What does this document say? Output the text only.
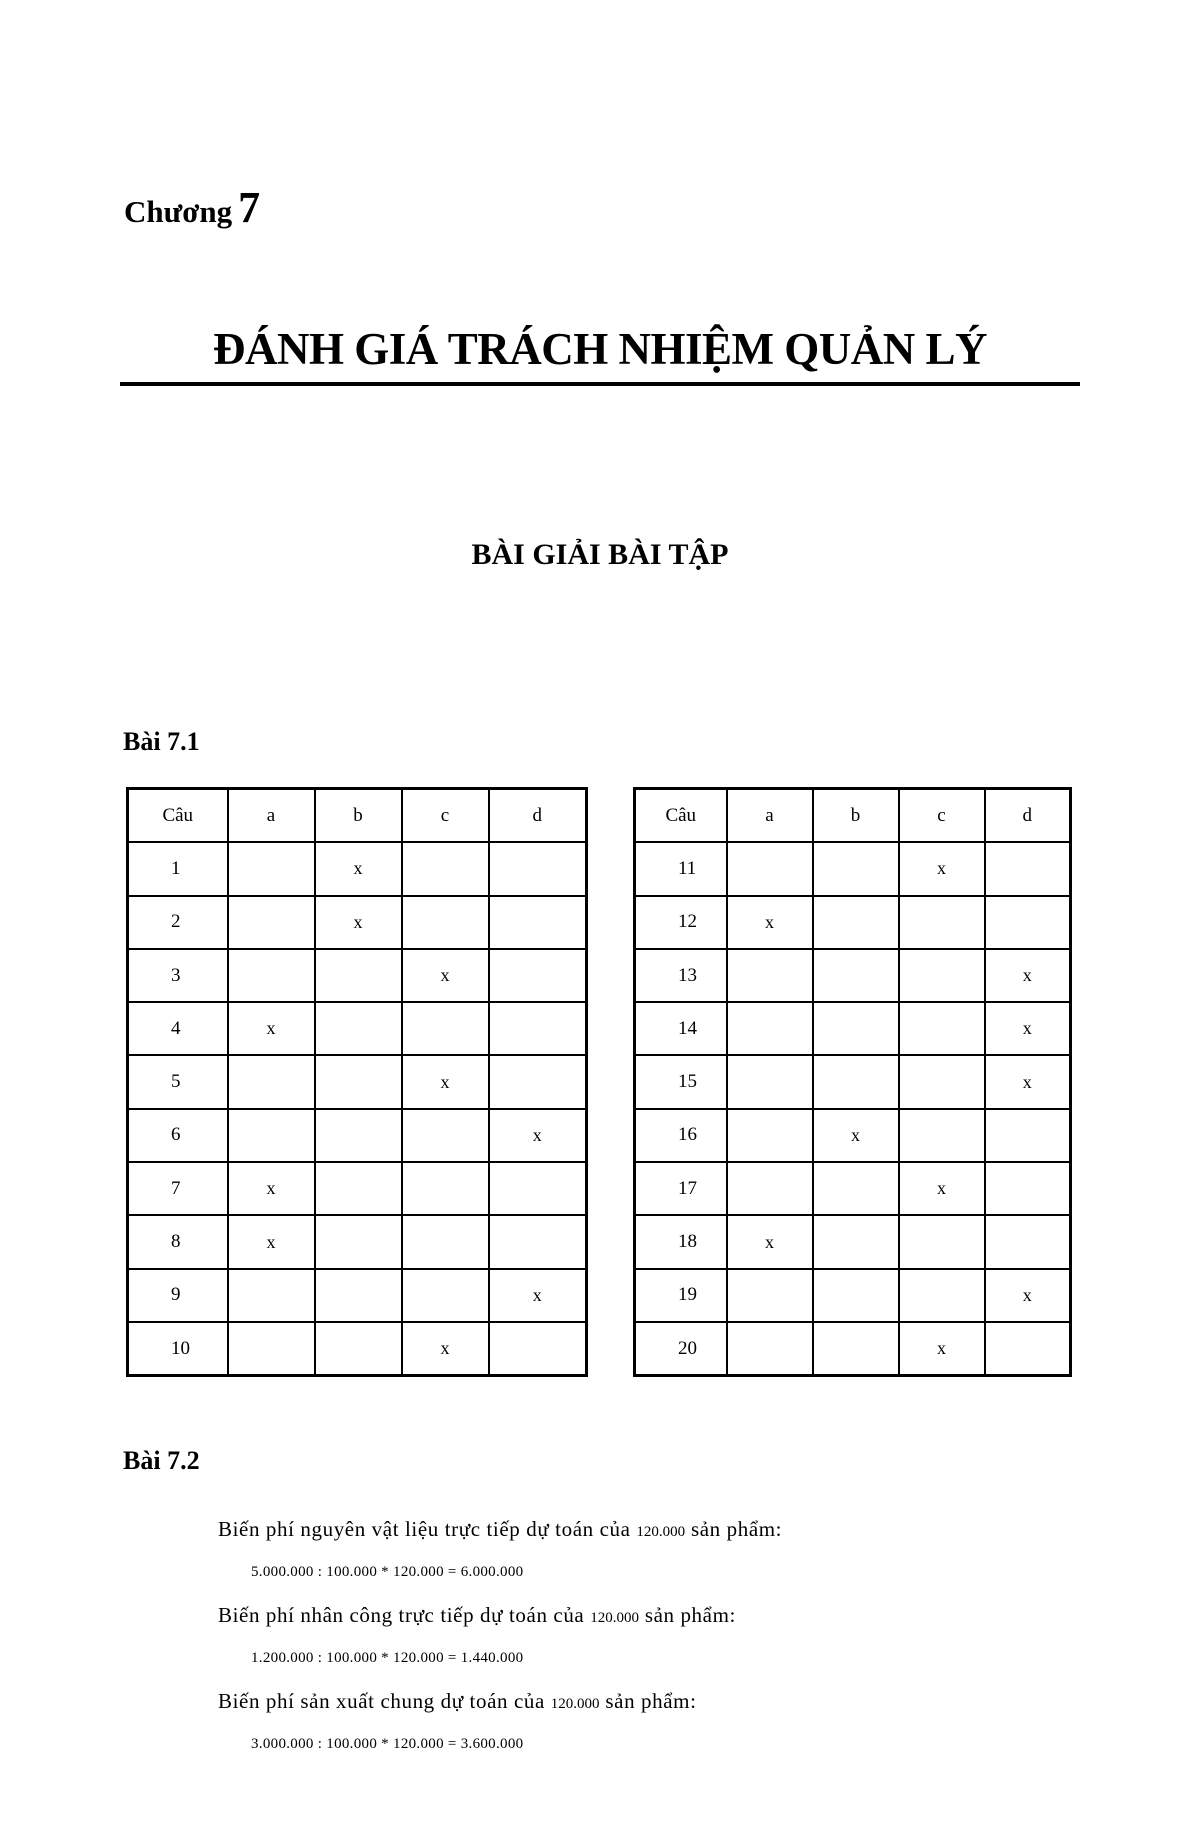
Chương 7
ĐÁNH GIÁ TRÁCH NHIỆM QUẢN LÝ
BÀI GIẢI BÀI TẬP
Bài 7.1
Câu	a	b	c	d
1		x		
2		x		
3			x	
4	x			
5			x	
6				x
7	x			
8	x			
9				x
10			x	
Câu	a	b	c	d
11			x	
12	x			
13				x
14				x
15				x
16		x		
17			x	
18	x			
19				x
20			x	
Bài 7.2
Biến phí nguyên vật liệu trực tiếp dự toán của 120.000 sản phẩm:
5.000.000 : 100.000 * 120.000 = 6.000.000
Biến phí nhân công trực tiếp dự toán của 120.000 sản phẩm:
1.200.000 : 100.000 * 120.000 = 1.440.000
Biến phí sản xuất chung dự toán của 120.000 sản phẩm:
3.000.000 : 100.000 * 120.000 = 3.600.000
